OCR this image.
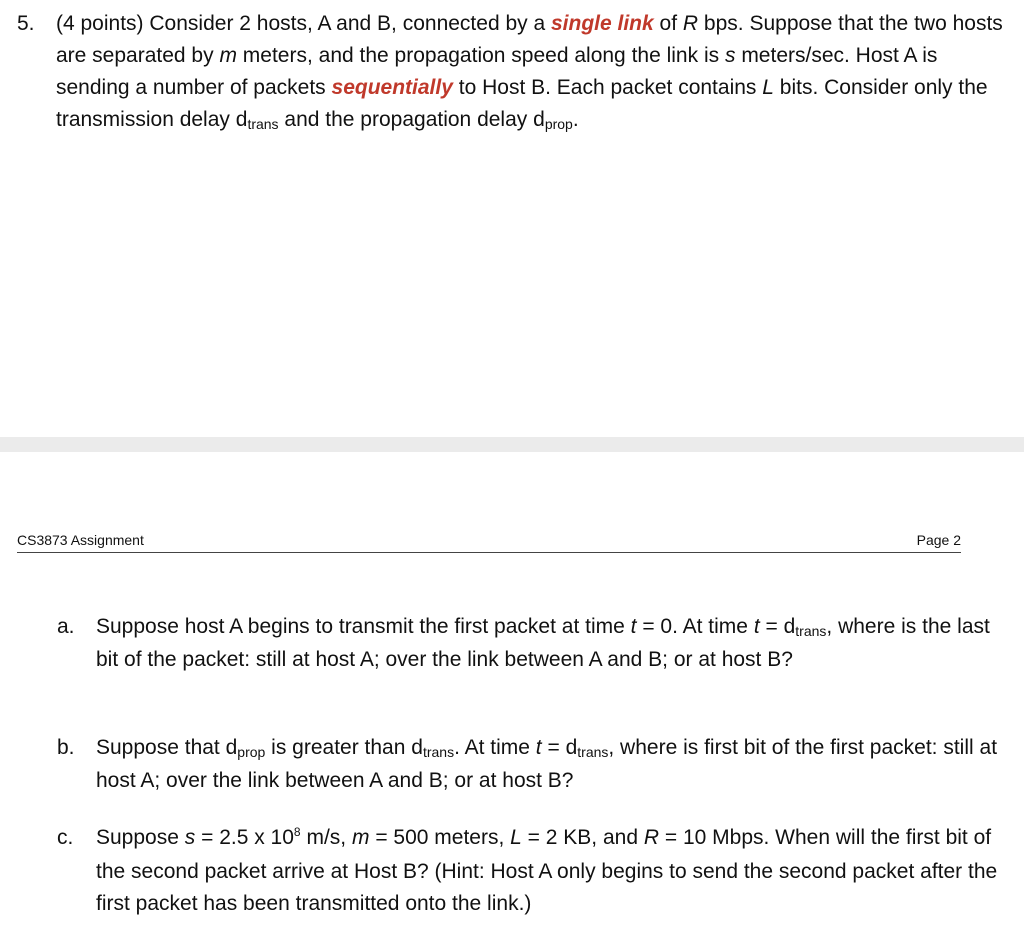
5.	(4 points) Consider 2 hosts, A and B, connected by a single link of R bps. Suppose that the two hosts are separated by m meters, and the propagation speed along the link is s meters/sec. Host A is sending a number of packets sequentially to Host B. Each packet contains L bits. Consider only the transmission delay dtrans and the propagation delay dprop.
CS3873 Assignment	Page 2
a.	Suppose host A begins to transmit the first packet at time t = 0. At time t = dtrans, where is the last bit of the packet: still at host A; over the link between A and B; or at host B?
b.	Suppose that dprop is greater than dtrans. At time t = dtrans, where is first bit of the first packet: still at host A; over the link between A and B; or at host B?
c.	Suppose s = 2.5 x $10^8$ m/s, m = 500 meters, L = 2 KB, and R = 10 Mbps. When will the first bit of the second packet arrive at Host B? (Hint: Host A only begins to send the second packet after the first packet has been transmitted onto the link.)
